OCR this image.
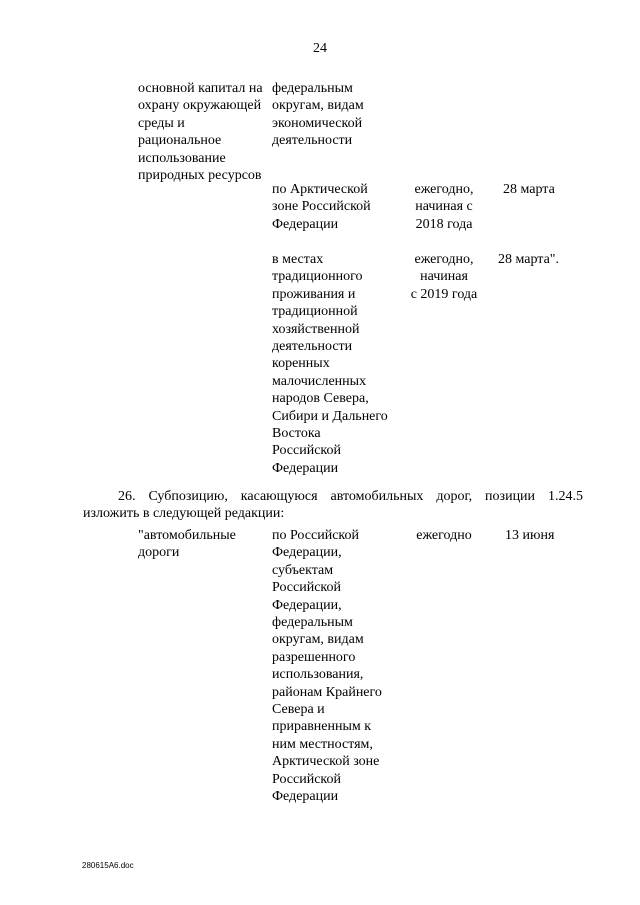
24
основной капитал на
охрану окружающей
среды и
рациональное
использование
природных ресурсов
федеральным
округам, видам
экономической
деятельности
по Арктической
зоне Российской
Федерации
ежегодно,
начиная с
2018 года
28 марта
в местах
традиционного
проживания и
традиционной
хозяйственной
деятельности
коренных
малочисленных
народов Севера,
Сибири и Дальнего
Востока
Российской
Федерации
ежегодно,
начиная
с 2019 года
28 марта".
26. Субпозицию, касающуюся автомобильных дорог, позиции 1.24.5 изложить в следующей редакции:
"автомобильные
дороги
по Российской
Федерации,
субъектам
Российской
Федерации,
федеральным
округам, видам
разрешенного
использования,
районам Крайнего
Севера и
приравненным к
ним местностям,
Арктической зоне
Российской
Федерации
ежегодно	13 июня
280615А6.doc
